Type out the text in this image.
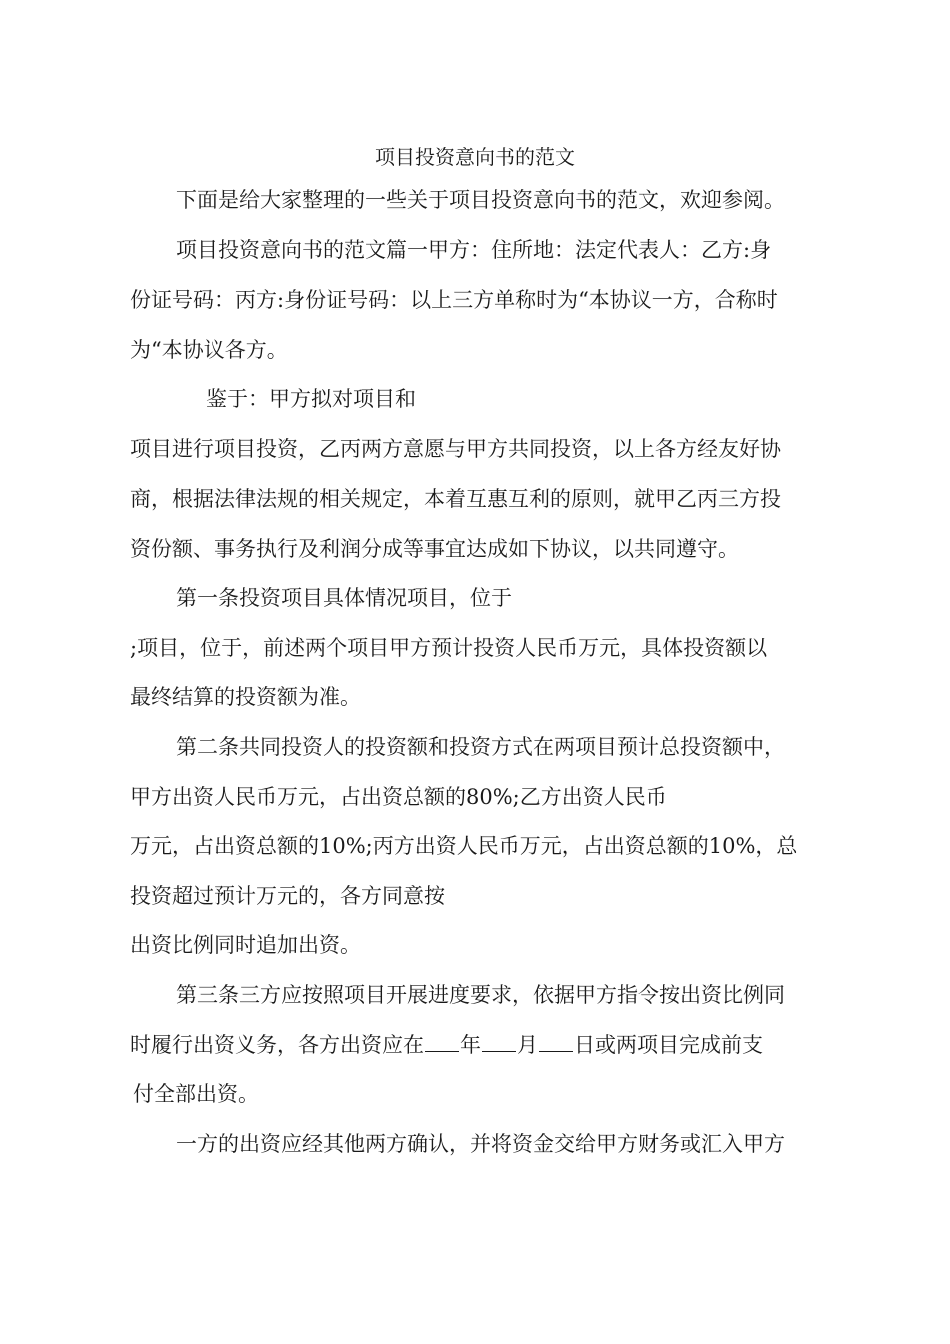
项目投资意向书的范文
下面是给大家整理的一些关于项目投资意向书的范文，欢迎参阅。
项目投资意向书的范文篇一甲方：住所地：法定代表人：乙方:身
份证号码：丙方:身份证号码：以上三方单称时为“本协议一方，合称时
为“本协议各方。
鉴于：甲方拟对项目和
项目进行项目投资，乙丙两方意愿与甲方共同投资，以上各方经友好协
商，根据法律法规的相关规定，本着互惠互利的原则，就甲乙丙三方投
资份额、事务执行及利润分成等事宜达成如下协议，以共同遵守。
第一条投资项目具体情况项目，位于
;项目，位于，前述两个项目甲方预计投资人民币万元，具体投资额以
最终结算的投资额为准。
第二条共同投资人的投资额和投资方式在两项目预计总投资额中，
甲方出资人民币万元，占出资总额的80%;乙方出资人民币
万元，占出资总额的10%;丙方出资人民币万元，占出资总额的10%，总
投资超过预计万元的，各方同意按
出资比例同时追加出资。
第三条三方应按照项目开展进度要求，依据甲方指令按出资比例同
时履行出资义务，各方出资应在 年 月 日或两项目完成前支
付全部出资。
一方的出资应经其他两方确认，并将资金交给甲方财务或汇入甲方
